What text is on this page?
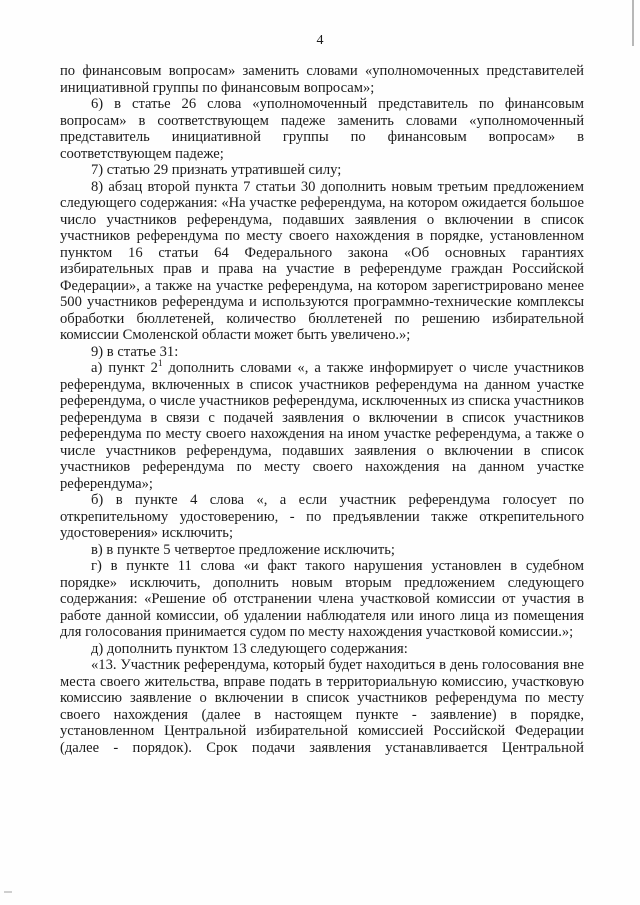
4

по финансовым вопросам» заменить словами «уполномоченных представителей инициативной группы по финансовым вопросам»;

6) в статье 26 слова «уполномоченный представитель по финансовым вопросам» в соответствующем падеже заменить словами «уполномоченный представитель инициативной группы по финансовым вопросам» в соответствующем падеже;

7) статью 29 признать утратившей силу;

8) абзац второй пункта 7 статьи 30 дополнить новым третьим предложением следующего содержания: «На участке референдума, на котором ожидается большое число участников референдума, подавших заявления о включении в список участников референдума по месту своего нахождения в порядке, установленном пунктом 16 статьи 64 Федерального закона «Об основных гарантиях избирательных прав и права на участие в референдуме граждан Российской Федерации», а также на участке референдума, на котором зарегистрировано менее 500 участников референдума и используются программно-технические комплексы обработки бюллетеней, количество бюллетеней по решению избирательной комиссии Смоленской области может быть увеличено.»;

9) в статье 31:

а) пункт $2^1$ дополнить словами «, а также информирует о числе участников референдума, включенных в список участников референдума на данном участке референдума, о числе участников референдума, исключенных из списка участников референдума в связи с подачей заявления о включении в список участников референдума по месту своего нахождения на ином участке референдума, а также о числе участников референдума, подавших заявления о включении в список участников референдума по месту своего нахождения на данном участке референдума»;

б) в пункте 4 слова «, а если участник референдума голосует по открепительному удостоверению, - по предъявлении также открепительного удостоверения» исключить;

в) в пункте 5 четвертое предложение исключить;

г) в пункте 11 слова «и факт такого нарушения установлен в судебном порядке» исключить, дополнить новым вторым предложением следующего содержания: «Решение об отстранении члена участковой комиссии от участия в работе данной комиссии, об удалении наблюдателя или иного лица из помещения для голосования принимается судом по месту нахождения участковой комиссии.»;

д) дополнить пунктом 13 следующего содержания:

«13. Участник референдума, который будет находиться в день голосования вне места своего жительства, вправе подать в территориальную комиссию, участковую комиссию заявление о включении в список участников референдума по месту своего нахождения (далее в настоящем пункте - заявление) в порядке, установленном Центральной избирательной комиссией Российской Федерации (далее - порядок). Срок подачи заявления устанавливается Центральной
